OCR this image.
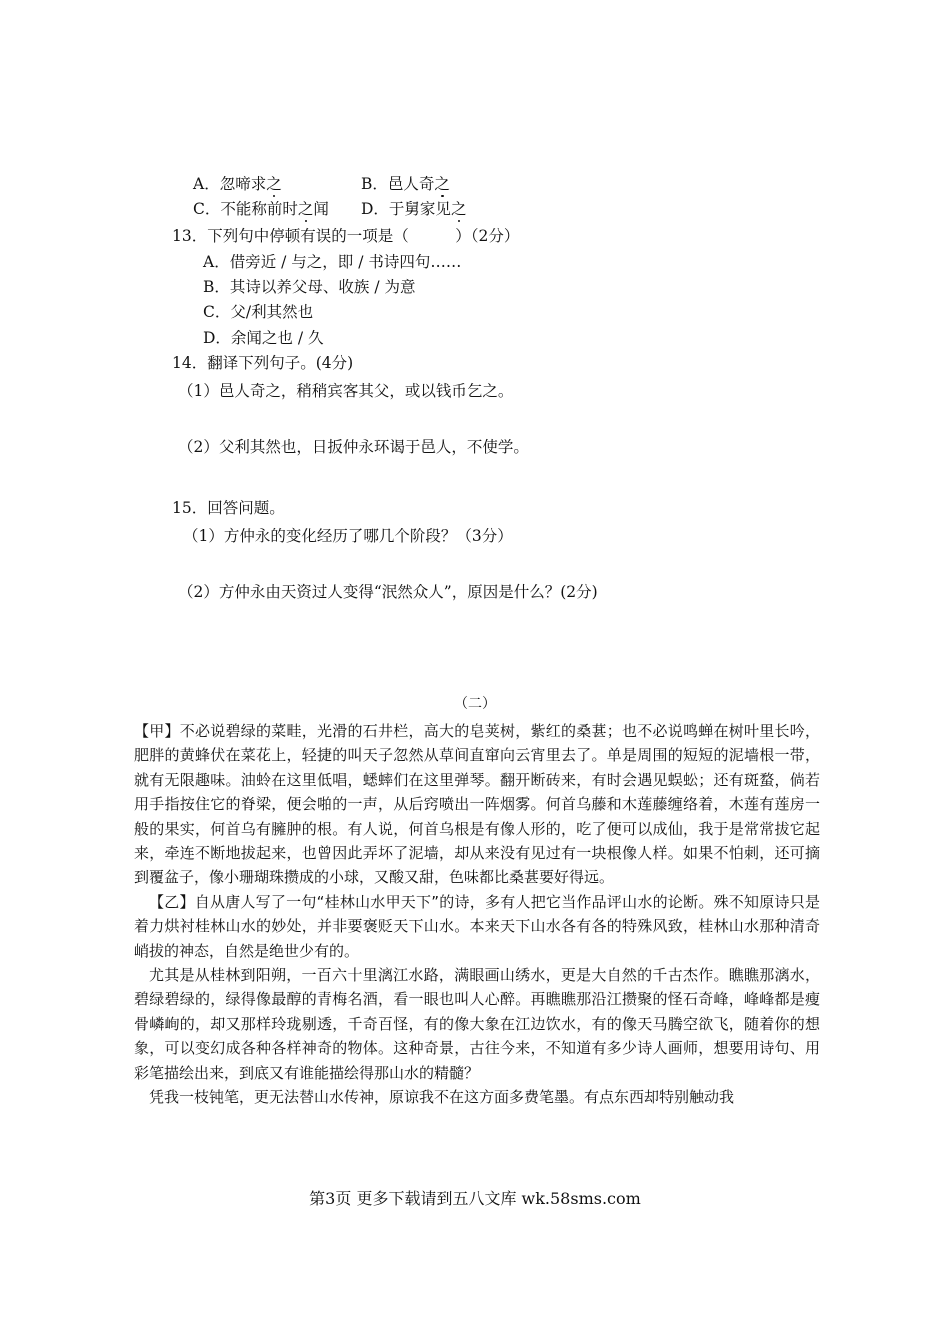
A．忽啼求之	B．邑人奇之
C．不能称前时之闻 D．于舅家见之
13．下列句中停顿有误的一项是（　　　）（2分）
A．借旁近 / 与之，即 / 书诗四句……
B．其诗以养父母、收族 / 为意
C．父/利其然也
D．余闻之也 / 久
14．翻译下列句子。(4分)
（1）邑人奇之，稍稍宾客其父，或以钱币乞之。
（2）父利其然也，日扳仲永环谒于邑人，不使学。
15．回答问题。
（1）方仲永的变化经历了哪几个阶段？（3分）
（2）方仲永由天资过人变得“泯然众人”，原因是什么？(2分)
（二）

【甲】不必说碧绿的菜畦，光滑的石井栏，高大的皂荚树，紫红的桑葚；也不必说鸣蝉在树叶里长吟，肥胖的黄蜂伏在菜花上，轻捷的叫天子忽然从草间直窜向云宵里去了。单是周围的短短的泥墙根一带，就有无限趣味。油蛉在这里低唱，蟋蟀们在这里弹琴。翻开断砖来，有时会遇见蜈蚣；还有斑蝥，倘若用手指按住它的脊梁，便会啪的一声，从后窍喷出一阵烟雾。何首乌藤和木莲藤缠络着，木莲有莲房一般的果实，何首乌有臃肿的根。有人说，何首乌根是有像人形的，吃了便可以成仙，我于是常常拔它起来，牵连不断地拔起来，也曾因此弄坏了泥墙，却从来没有见过有一块根像人样。如果不怕刺，还可摘到覆盆子，像小珊瑚珠攒成的小球，又酸又甜，色味都比桑葚要好得远。

【乙】自从唐人写了一句“桂林山水甲天下”的诗，多有人把它当作品评山水的论断。殊不知原诗只是着力烘衬桂林山水的妙处，并非要褒贬天下山水。本来天下山水各有各的特殊风致，桂林山水那种清奇峭拔的神态，自然是绝世少有的。

尤其是从桂林到阳朔，一百六十里漓江水路，满眼画山绣水，更是大自然的千古杰作。瞧瞧那漓水，碧绿碧绿的，绿得像最醇的青梅名酒，看一眼也叫人心醉。再瞧瞧那沿江攒聚的怪石奇峰，峰峰都是瘦骨嶙峋的，却又那样玲珑剔透，千奇百怪，有的像大象在江边饮水，有的像天马腾空欲飞，随着你的想象，可以变幻成各种各样神奇的物体。这种奇景，古往今来，不知道有多少诗人画师，想要用诗句、用彩笔描绘出来，到底又有谁能描绘得那山水的精髓？

凭我一枝钝笔，更无法替山水传神，原谅我不在这方面多费笔墨。有点东西却特别触动我

第3页 更多下载请到五八文库 wk.58sms.com
